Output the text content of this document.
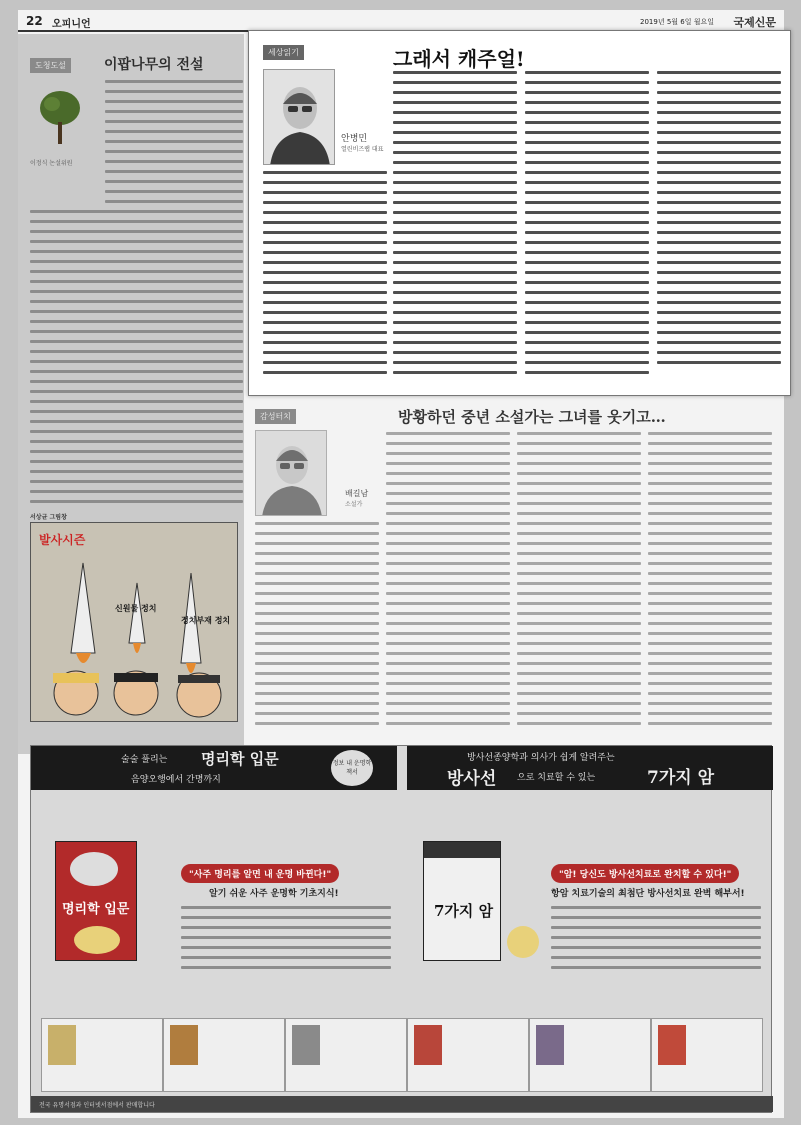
22 오피니언	2019년 5월 6일 월요일 국제신문
도청도설	이팝나무의 전설
이정식 논설위원
서상균 그림창
발사시즌
신원물 정치
정치부재 정치
세상읽기	그래서 캐주얼!
안병민
열린비즈랩 대표
감성터치	방황하던 중년 소설가는 그녀를 웃기고…
배길남
소설가
술술 풀리는 명리학 입문
음양오행에서 간명까지
정보 내 운명학 책서
방사선종양학과 의사가 쉽게 알려주는
방사선 으로 치료할 수 있는	7가지 암
명리학 입문
"사주 명리를 알면 내 운명 바뀐다!"
알기 쉬운 사주 운명학 기초지식!
7가지 암
"암! 당신도 방사선치료로 완치할 수 있다!"
항암 치료기술의 최첨단 방사선치료 완벽 해부서!
전국 유명서점과 인터넷서점에서 판매합니다
